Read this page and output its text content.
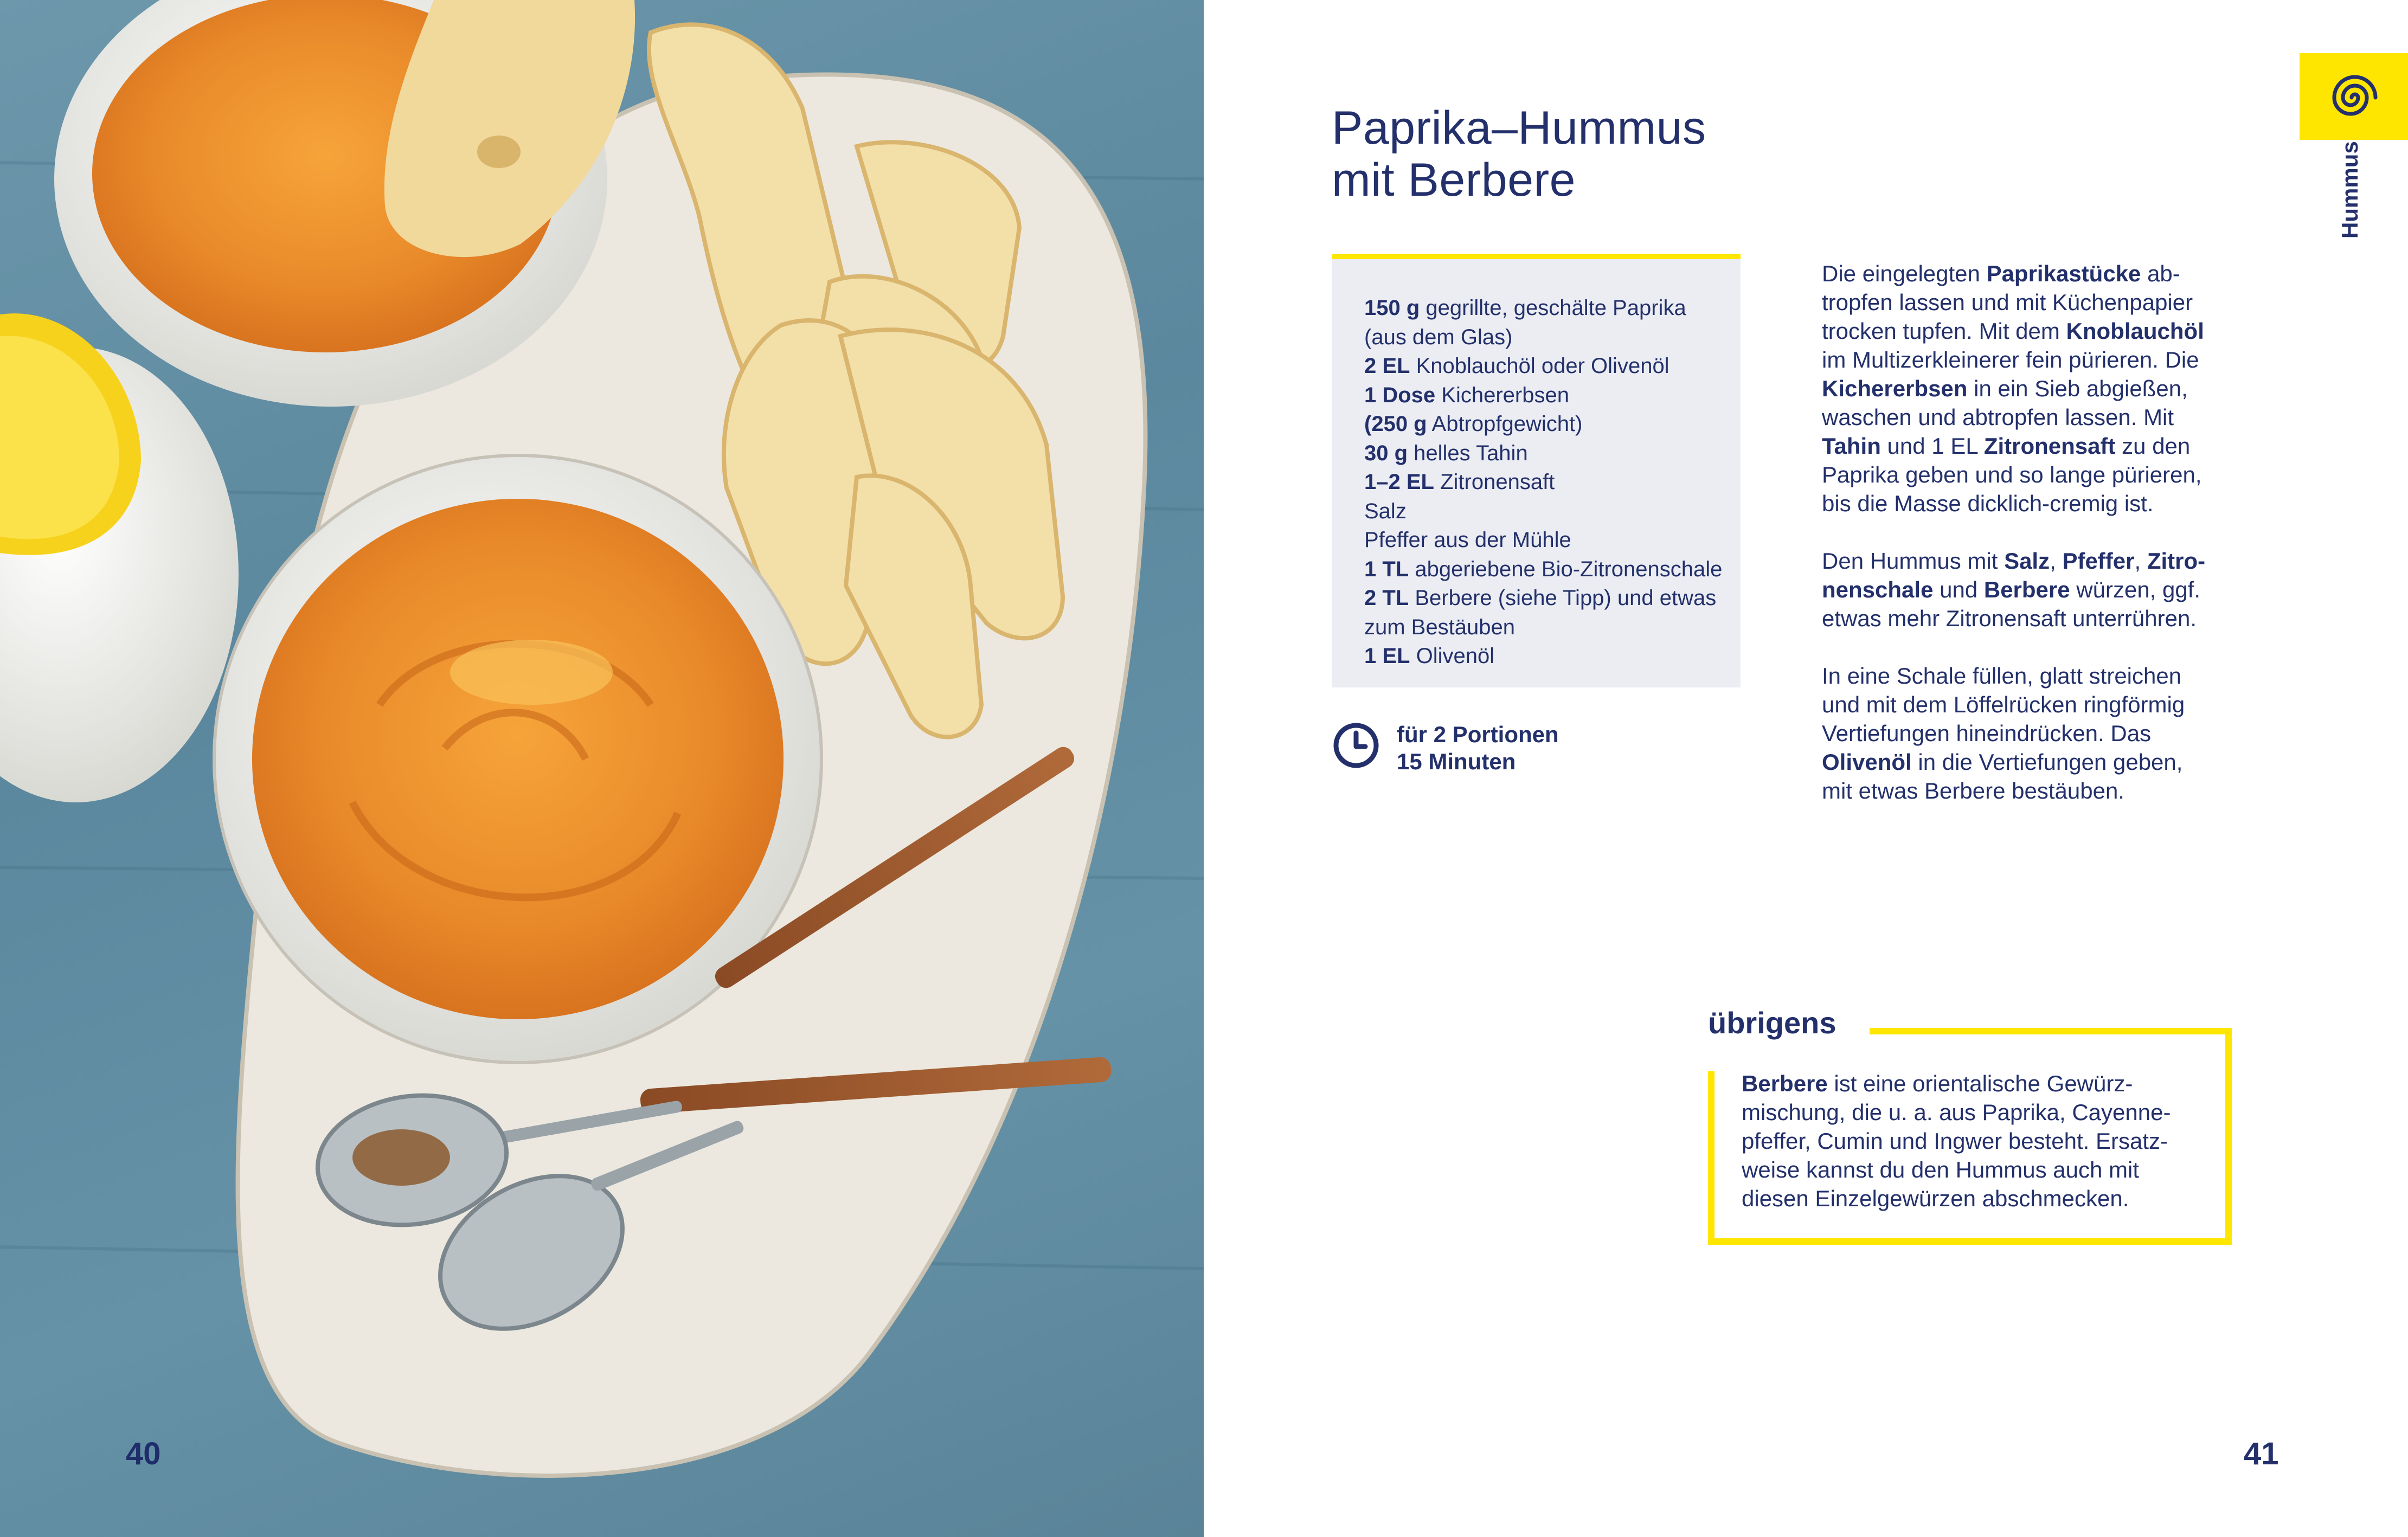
40
Hummus
Paprika–Hummus
mit Berbere
150 g gegrillte, geschälte Paprika
(aus dem Glas)
2 EL Knoblauchöl oder Olivenöl
1 Dose Kichererbsen
(250 g Abtropfgewicht)
30 g helles Tahin
1–2 EL Zitronensaft
Salz
Pfeffer aus der Mühle
1 TL abgeriebene Bio-Zitronenschale
2 TL Berbere (siehe Tipp) und etwas
zum Bestäuben
1 EL Olivenöl
für 2 Portionen
15 Minuten

Die eingelegten Paprikastücke ab-
tropfen lassen und mit Küchenpapier
trocken tupfen. Mit dem Knoblauchöl
im Multizerkleinerer fein pürieren. Die
Kichererbsen in ein Sieb abgießen,
waschen und abtropfen lassen. Mit
Tahin und 1 EL Zitronensaft zu den
Paprika geben und so lange pürieren,
bis die Masse dicklich-cremig ist.

Den Hummus mit Salz, Pfeffer, Zitro-
nenschale und Berbere würzen, ggf.
etwas mehr Zitronensaft unterrühren.

In eine Schale füllen, glatt streichen
und mit dem Löffelrücken ringförmig
Vertiefungen hineindrücken. Das
Olivenöl in die Vertiefungen geben,
mit etwas Berbere bestäuben.

übrigens

Berbere ist eine orientalische Gewürz-

mischung, die u. a. aus Paprika, Cayenne-

pfeffer, Cumin und Ingwer besteht. Ersatz-

weise kannst du den Hummus auch mit

diesen Einzelgewürzen abschmecken.

41
